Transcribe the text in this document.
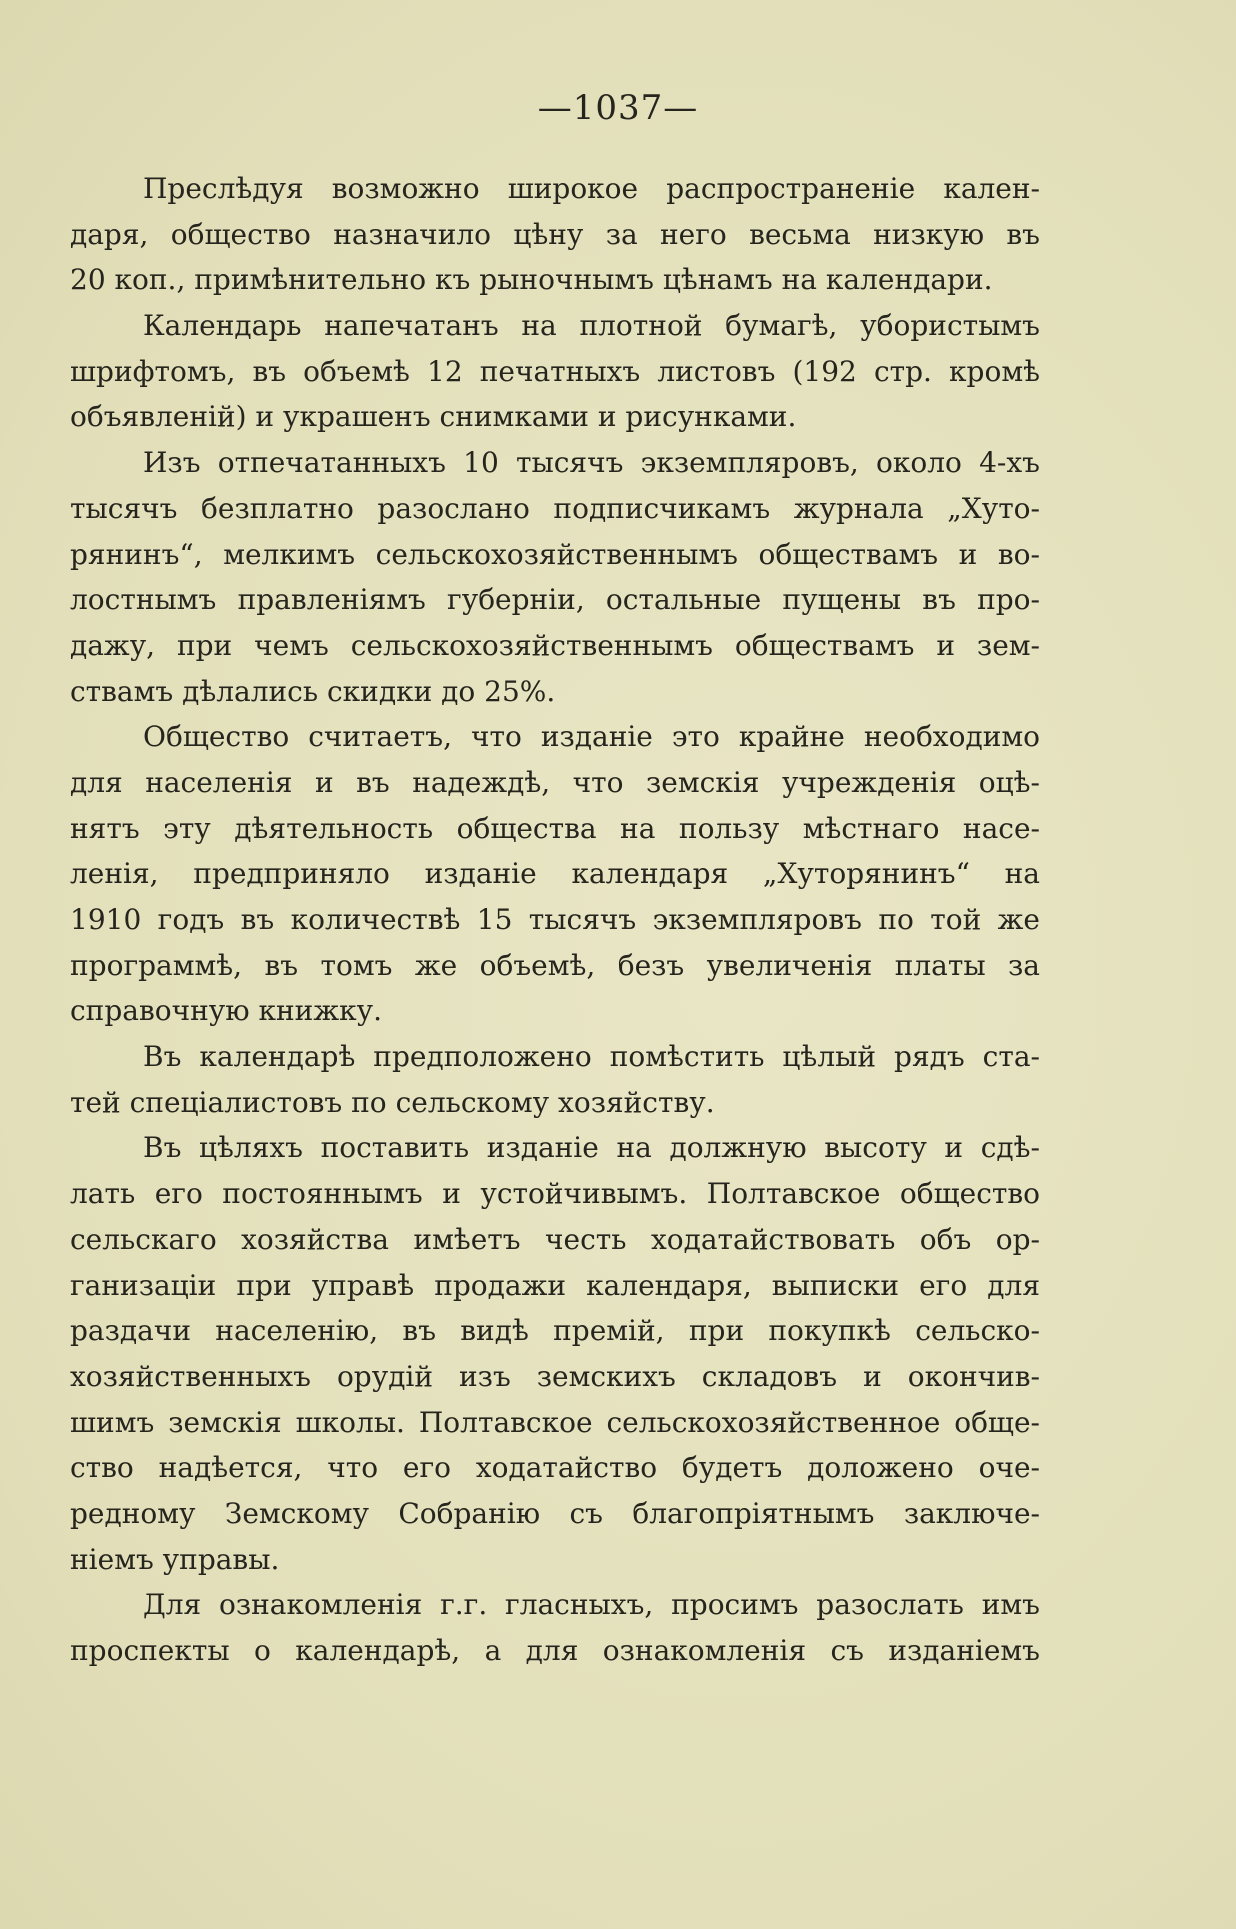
—1037—
Преслѣдуя возможно широкое распространеніе кален-
даря, общество назначило цѣну за него весьма низкую въ
20 коп., примѣнительно къ рыночнымъ цѣнамъ на календари.
Календарь напечатанъ на плотной бумагѣ, убористымъ
шрифтомъ, въ объемѣ 12 печатныхъ листовъ (192 стр. кромѣ
объявленій) и украшенъ снимками и рисунками.
Изъ отпечатанныхъ 10 тысячъ экземпляровъ, около 4-хъ
тысячъ безплатно разослано подписчикамъ журнала „Хуто-
рянинъ“, мелкимъ сельскохозяйственнымъ обществамъ и во-
лостнымъ правленіямъ губерніи, остальные пущены въ про-
дажу, при чемъ сельскохозяйственнымъ обществамъ и зем-
ствамъ дѣлались скидки до 25%.
Общество считаетъ, что изданіе это крайне необходимо
для населенія и въ надеждѣ, что земскія учрежденія оцѣ-
нятъ эту дѣятельность общества на пользу мѣстнаго насе-
ленія, предприняло изданіе календаря „Хуторянинъ“ на
1910 годъ въ количествѣ 15 тысячъ экземпляровъ по той же
программѣ, въ томъ же объемѣ, безъ увеличенія платы за
справочную книжку.
Въ календарѣ предположено помѣстить цѣлый рядъ ста-
тей спеціалистовъ по сельскому хозяйству.
Въ цѣляхъ поставить изданіе на должную высоту и сдѣ-
лать его постояннымъ и устойчивымъ. Полтавское общество
сельскаго хозяйства имѣетъ честь ходатайствовать объ ор-
ганизаціи при управѣ продажи календаря, выписки его для
раздачи населенію, въ видѣ премій, при покупкѣ сельско-
хозяйственныхъ орудій изъ земскихъ складовъ и окончив-
шимъ земскія школы. Полтавское сельскохозяйственное обще-
ство надѣется, что его ходатайство будетъ доложено оче-
редному Земскому Собранію съ благопріятнымъ заключе-
ніемъ управы.
Для ознакомленія г.г. гласныхъ, просимъ разослать имъ
проспекты о календарѣ, а для ознакомленія съ изданіемъ
